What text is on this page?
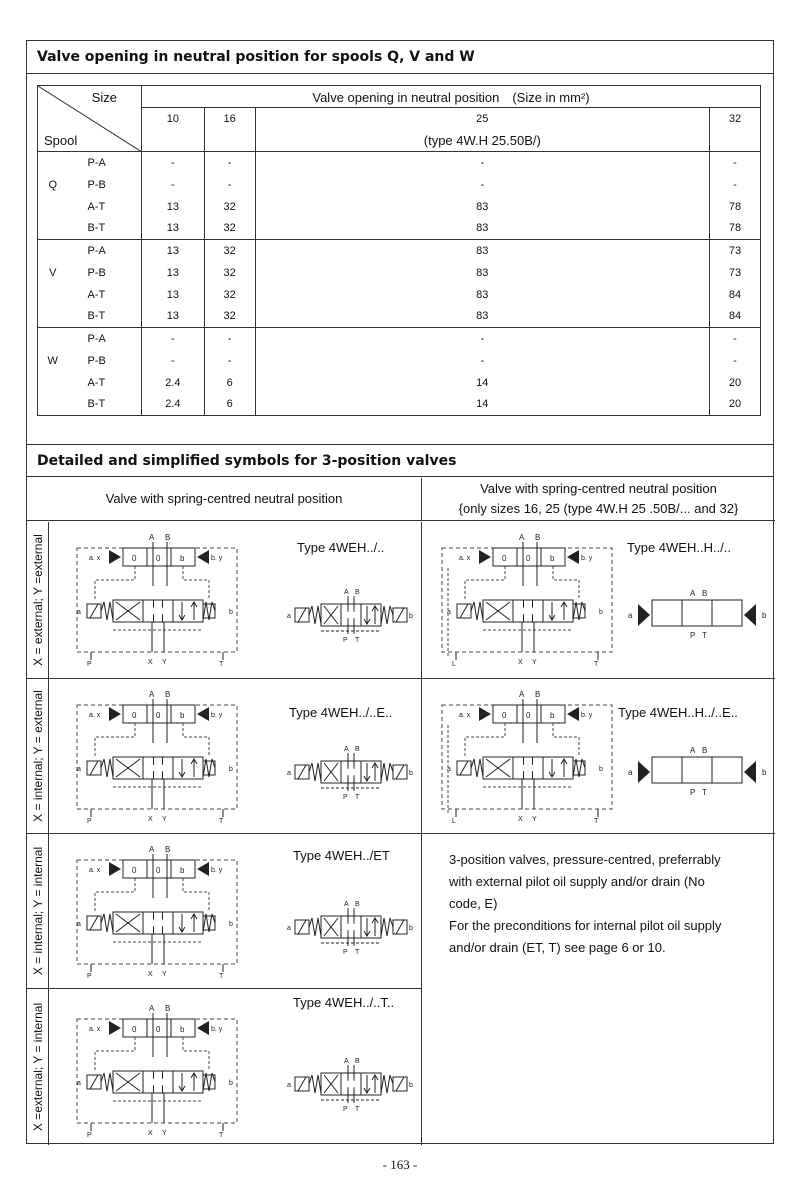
Valve opening in neutral position for spools Q, V and W
Size
Spool		Valve opening in neutral position　(Size in mm²)			
		10	16	25	32
				(type 4W.H 25.50B/)	
	P-A	-	-	-	-
Q	P-B	-	-	-	-
	A-T	13	32	83	78
	B-T	13	32	83	78
	P-A	13	32	83	73
V	P-B	13	32	83	73
	A-T	13	32	83	84
	B-T	13	32	83	84
	P-A	-	-	-	-
W	P-B	-	-	-	-
	A-T	2.4	6	14	20
	B-T	2.4	6	14	20
Detailed and simplified symbols for 3-position valves
Valve with spring-centred neutral position
Valve with spring-centred neutral position
{only sizes 16, 25 (type 4W.H 25 .50B/... and 32}
X = external; Y =external
X = internal; Y = external
X = internal; Y = internal
X =external; Y = internal
Type 4WEH../..
0 0 b
a. x	b. y
A B
a	b
P	X Y	T
A B
P T
a	b
Type 4WEH..H../..
0 0 b
a. x	b. y
A B
a	b
L	X Y	T
a	b
A B
P T
Type 4WEH../..E..
0 0 b
a. x	b. y
A B
a	b
P	X Y	T
A B
P T
a	b
Type 4WEH..H../..E..
0 0 b
a. x	b. y
A B
a	b
L	X Y	T
a	b
A B
P T
Type 4WEH../ET
0 0 b
a. x	b. y
A B
a	b
P	X Y	T
A B
P T
a	b
Type 4WEH../..T..
0 0 b
a. x	b. y
A B
a	b
P	X Y	T
A B
P T
a	b
3-position valves, pressure-centred, preferrably
with external pilot oil supply and/or drain (No
code, E)
For the preconditions for internal pilot oil supply
and/or drain (ET, T) see page 6 or 10.
- 163 -
